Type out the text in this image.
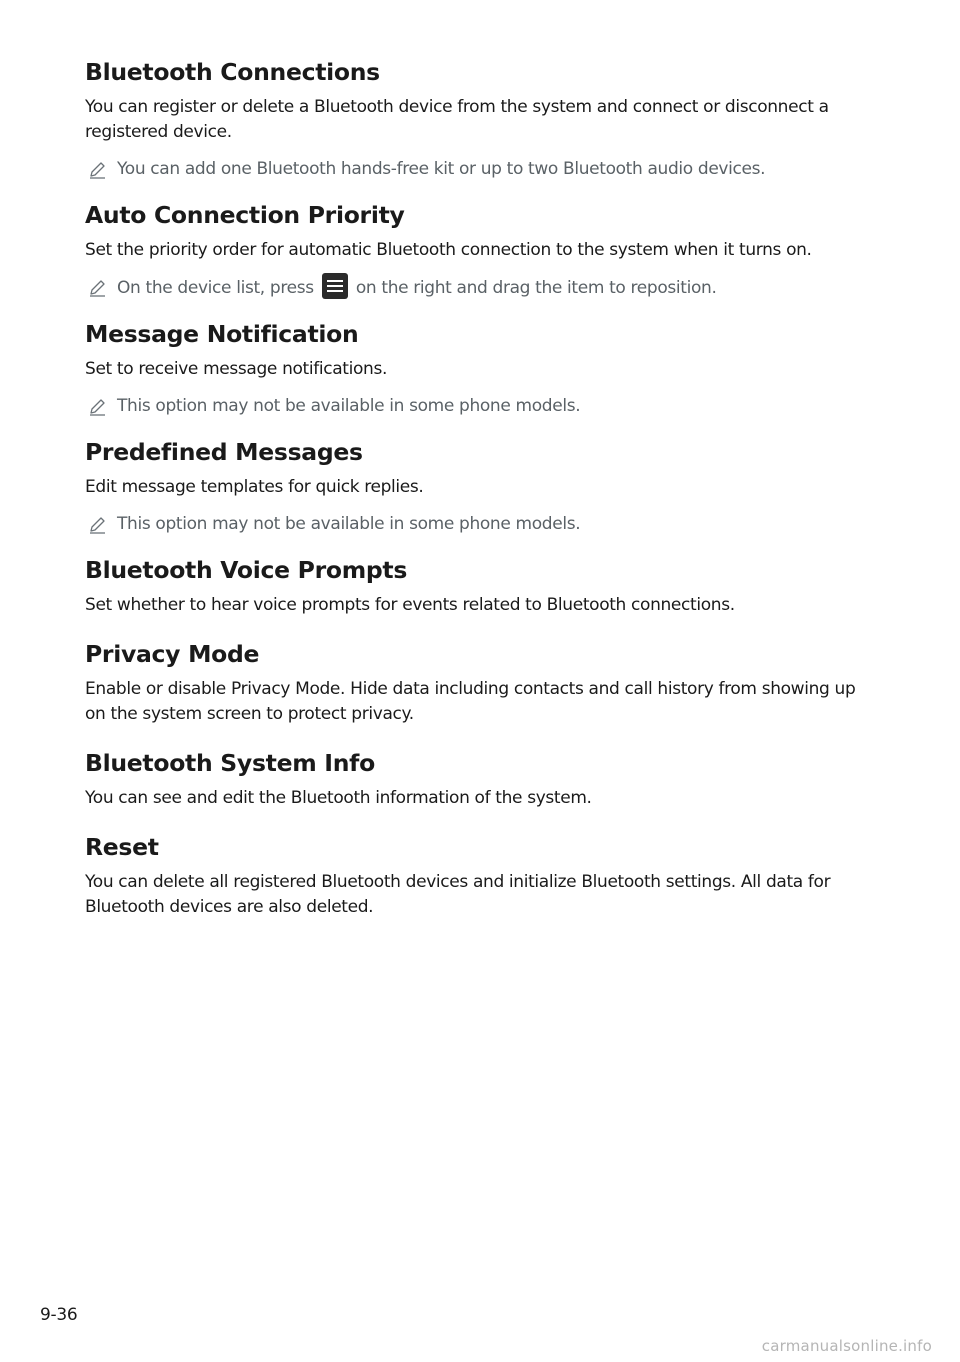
Bluetooth Connections

You can register or delete a Bluetooth device from the system and connect or disconnect a registered device.

You can add one Bluetooth hands-free kit or up to two Bluetooth audio devices.
Auto Connection Priority

Set the priority order for automatic Bluetooth connection to the system when it turns on.

On the device list, press on the right and drag the item to reposition.
Message Notification

Set to receive message notifications.

This option may not be available in some phone models.
Predefined Messages

Edit message templates for quick replies.

This option may not be available in some phone models.
Bluetooth Voice Prompts

Set whether to hear voice prompts for events related to Bluetooth connections.

Privacy Mode

Enable or disable Privacy Mode. Hide data including contacts and call history from showing up on the system screen to protect privacy.

Bluetooth System Info

You can see and edit the Bluetooth information of the system.

Reset

You can delete all registered Bluetooth devices and initialize Bluetooth settings. All data for Bluetooth devices are also deleted.

9-36
carmanualsonline.info
